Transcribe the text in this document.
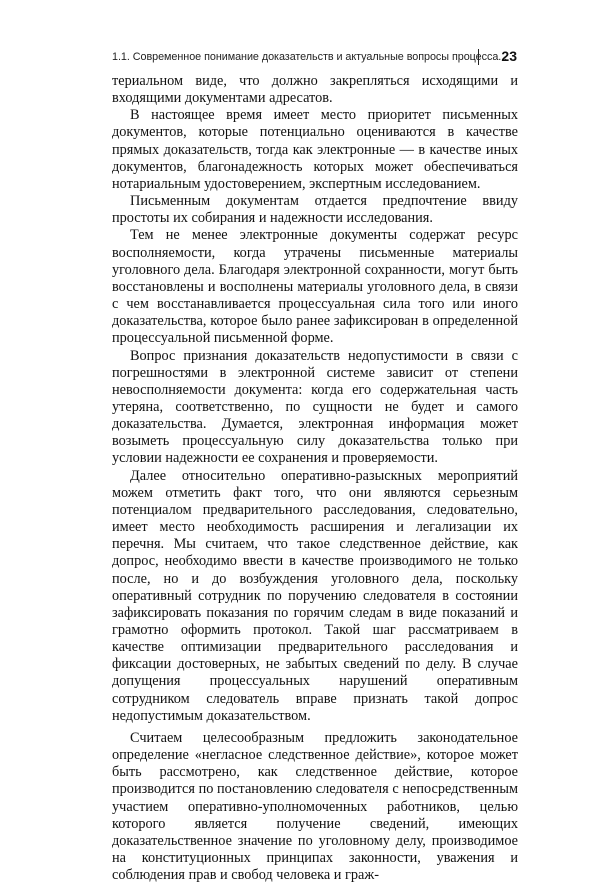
1.1. Современное понимание доказательств и актуальные вопросы процесса...
23

териальном виде, что должно закрепляться исходящими и входящими документами адресатов.

В настоящее время имеет место приоритет письменных документов, которые потенциально оцениваются в качестве прямых доказательств, тогда как электронные — в качестве иных документов, благонадежность которых может обеспечиваться нотариальным удостоверением, экспертным исследованием.

Письменным документам отдается предпочтение ввиду простоты их собирания и надежности исследования.

Тем не менее электронные документы содержат ресурс восполняемости, когда утрачены письменные материалы уголовного дела. Благодаря электронной сохранности, могут быть восстановлены и восполнены материалы уголовного дела, в связи с чем восстанавливается процессуальная сила того или иного доказательства, которое было ранее зафиксирован в определенной процессуальной письменной форме.

Вопрос признания доказательств недопустимости в связи с погрешностями в электронной системе зависит от степени невосполняемости документа: когда его содержательная часть утеряна, соответственно, по сущности не будет и самого доказательства. Думается, электронная информация может возыметь процессуальную силу доказательства только при условии надежности ее сохранения и проверяемости.

Далее относительно оперативно-разыскных мероприятий можем отметить факт того, что они являются серьезным потенциалом предварительного расследования, следовательно, имеет место необходимость расширения и легализации их перечня. Мы считаем, что такое следственное действие, как допрос, необходимо ввести в качестве производимого не только после, но и до возбуждения уголовного дела, поскольку оперативный сотрудник по поручению следователя в состоянии зафиксировать показания по горячим следам в виде показаний и грамотно оформить протокол. Такой шаг рассматриваем в качестве оптимизации предварительного расследования и фиксации достоверных, не забытых сведений по делу. В случае допущения процессуальных нарушений оперативным сотрудником следователь вправе признать такой допрос недопустимым доказательством.

Считаем целесообразным предложить законодательное определение «негласное следственное действие», которое может быть рассмотрено, как следственное действие, которое производится по постановлению следователя с непосредственным участием оперативно-уполномоченных работников, целью которого является получение сведений, имеющих доказательственное значение по уголовному делу, производимое на конституционных принципах законности, уважения и соблюдения прав и свобод человека и граж-
